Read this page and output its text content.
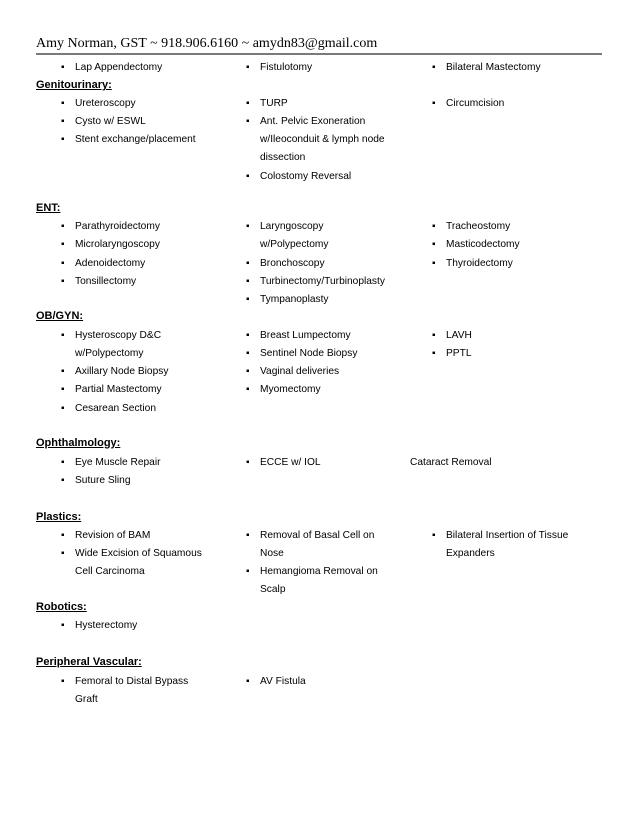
Amy Norman, GST ~ 918.906.6160 ~ amydn83@gmail.com
▪ Lap Appendectomy	▪ Fistulotomy	▪ Bilateral Mastectomy
Genitourinary:
▪ Ureteroscopy
▪ Cysto w/ ESWL
▪ Stent exchange/placement
▪ TURP
▪ Ant. Pelvic Exoneration
w/Ileoconduit & lymph node
dissection
▪ Colostomy Reversal
▪ Circumcision
ENT:
▪ Parathyroidectomy
▪ Microlaryngoscopy
▪ Adenoidectomy
▪ Tonsillectomy
▪ Laryngoscopy
w/Polypectomy
▪ Bronchoscopy
▪ Turbinectomy/Turbinoplasty
▪ Tympanoplasty
▪ Tracheostomy
▪ Masticodectomy
▪ Thyroidectomy
OB/GYN:
▪ Hysteroscopy D&C
w/Polypectomy
▪ Axillary Node Biopsy
▪ Partial Mastectomy
▪ Cesarean Section
▪ Breast Lumpectomy
▪ Sentinel Node Biopsy
▪ Vaginal deliveries
▪ Myomectomy
▪ LAVH
▪ PPTL
Ophthalmology:
▪ Eye Muscle Repair
▪ Suture Sling
▪ ECCE w/ IOL	Cataract Removal
Plastics:
▪ Revision of BAM
▪ Wide Excision of Squamous
Cell Carcinoma
▪ Removal of Basal Cell on
Nose
▪ Hemangioma Removal on
Scalp
▪ Bilateral Insertion of Tissue
Expanders
Robotics:
▪ Hysterectomy
Peripheral Vascular:
▪ Femoral to Distal Bypass
Graft
▪ AV Fistula
